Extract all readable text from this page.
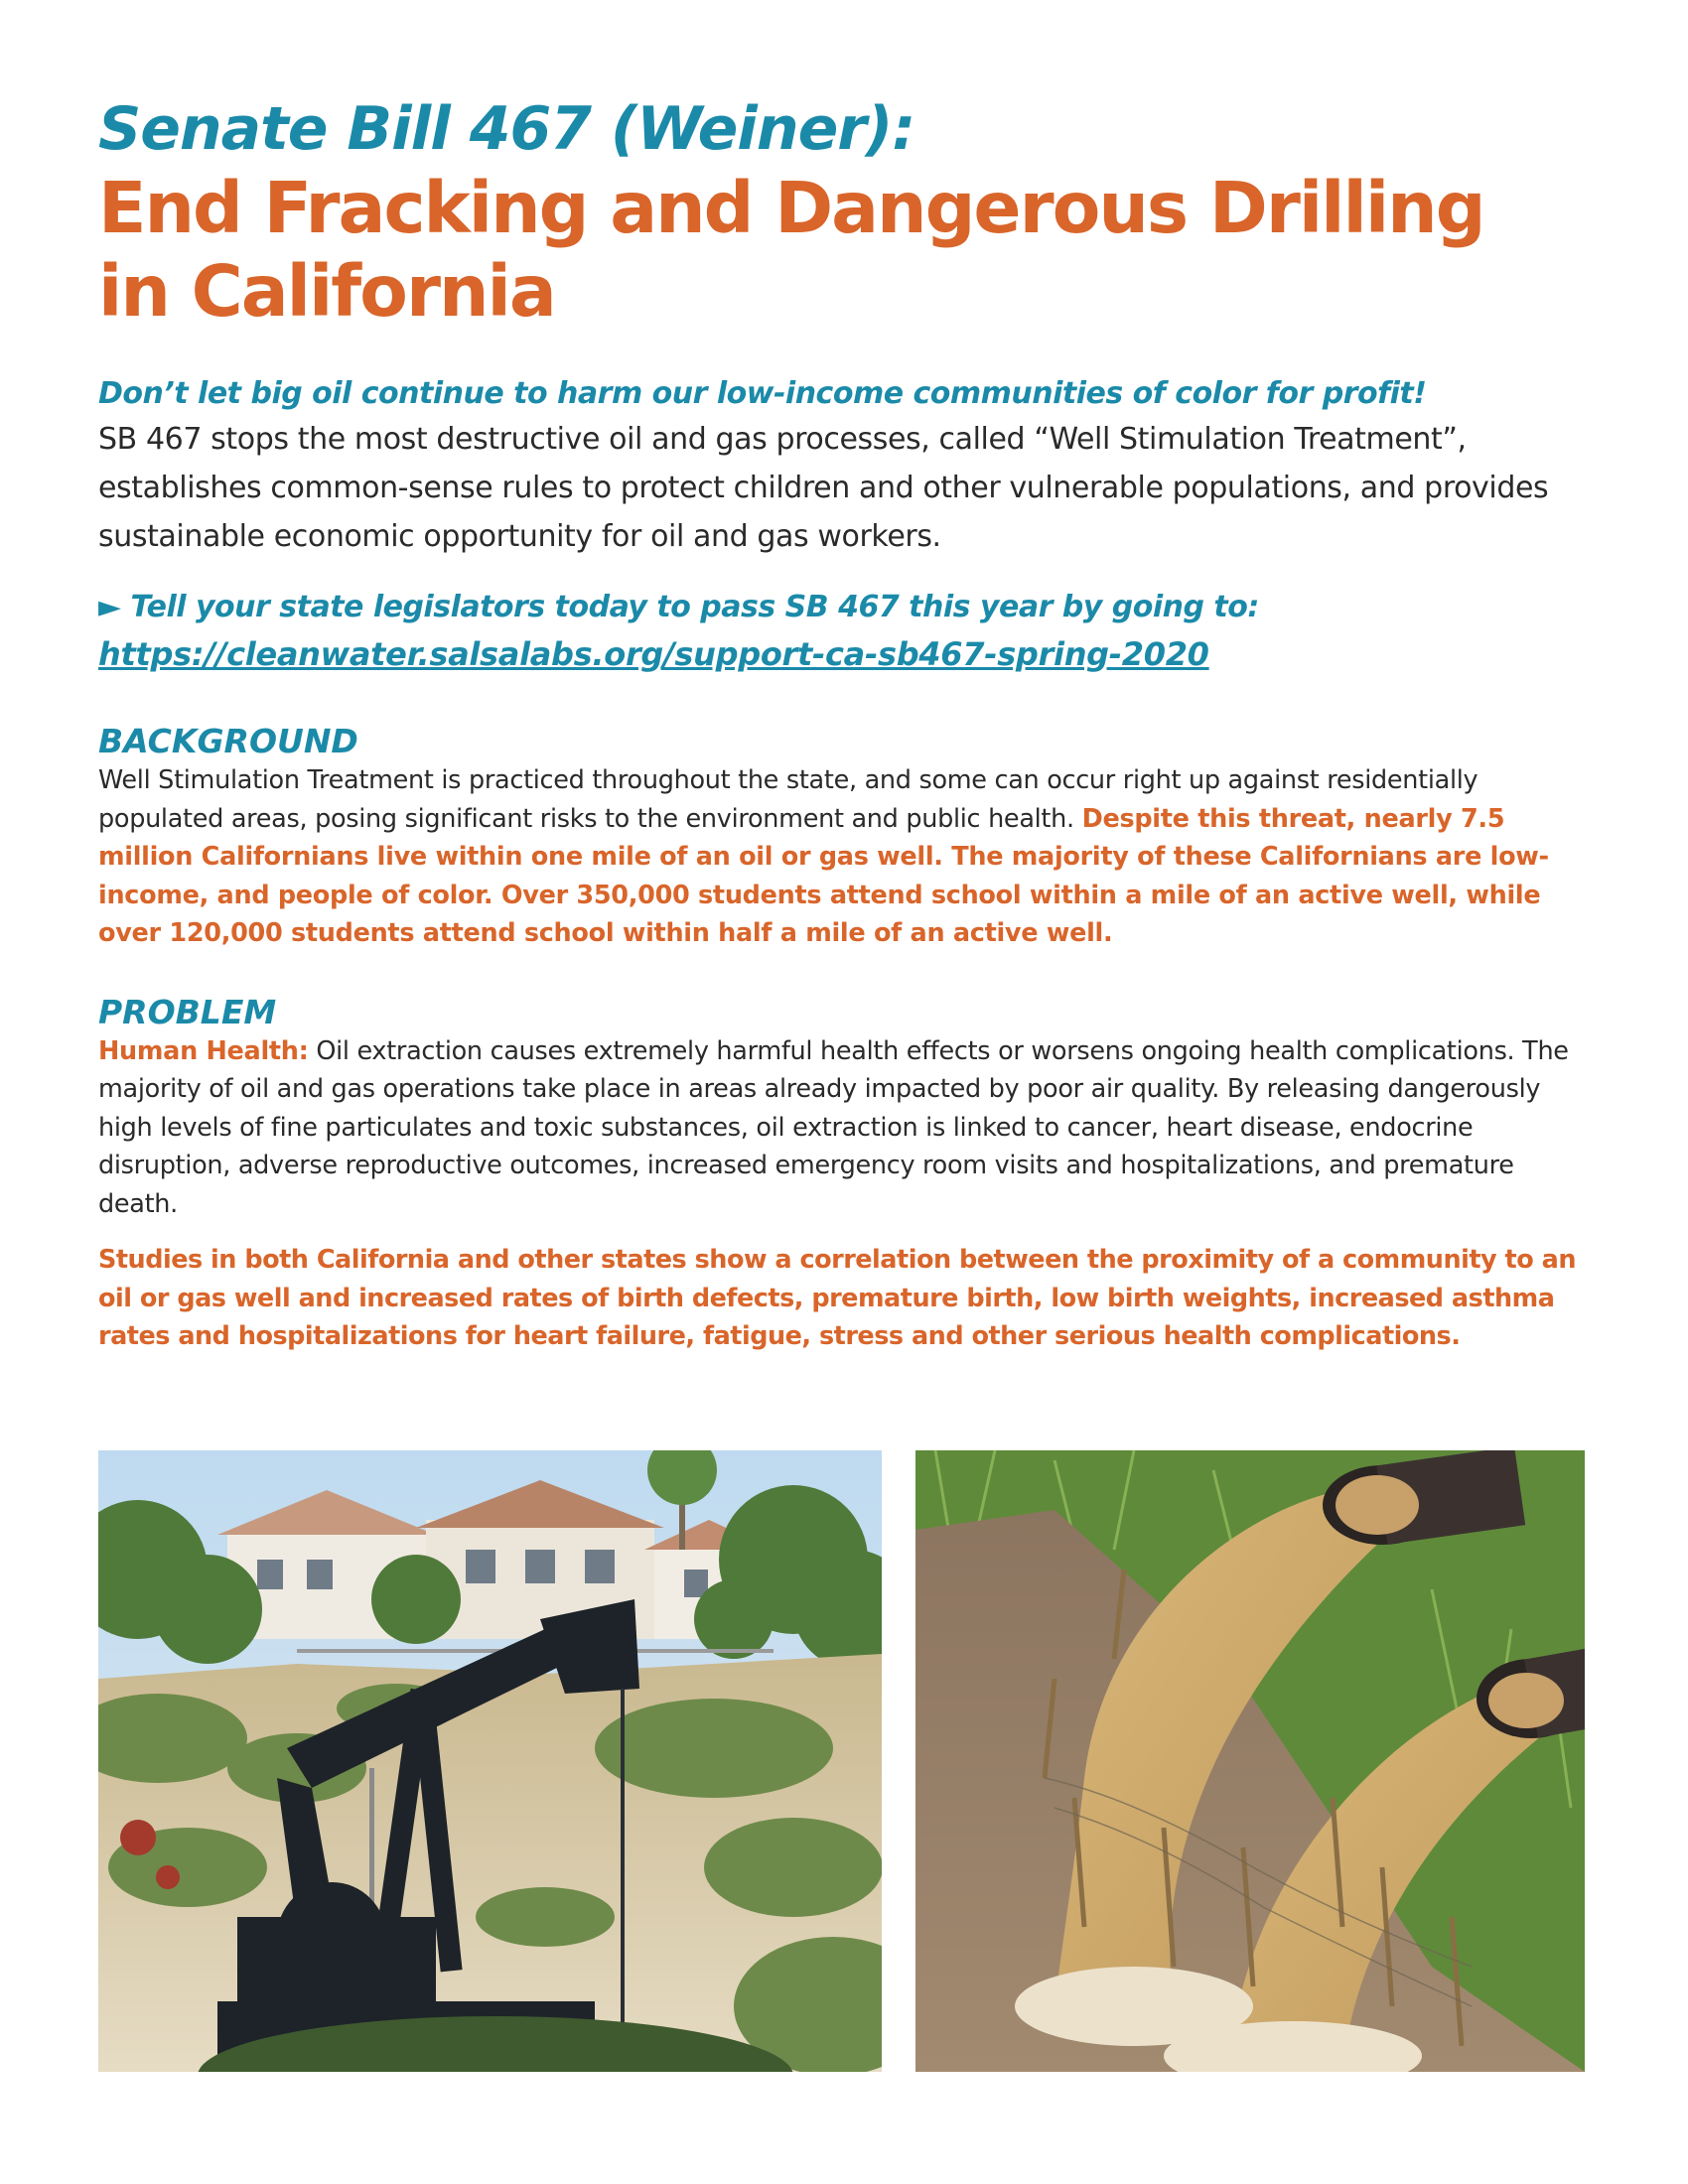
Senate Bill 467 (Weiner):
End Fracking and Dangerous Drilling
in California

Don’t let big oil continue to harm our low-income communities of color for profit!

SB 467 stops the most destructive oil and gas processes, called “Well Stimulation Treatment”, establishes common-sense rules to protect children and other vulnerable populations, and provides sustainable economic opportunity for oil and gas workers.

► Tell your state legislators today to pass SB 467 this year by going to:
https://cleanwater.salsalabs.org/support-ca-sb467-spring-2020

BACKGROUND

Well Stimulation Treatment is practiced throughout the state, and some can occur right up against residentially populated areas, posing significant risks to the environment and public health. Despite this threat, nearly 7.5 million Californians live within one mile of an oil or gas well. The majority of these Californians are low-income, and people of color. Over 350,000 students attend school within a mile of an active well, while over 120,000 students attend school within half a mile of an active well.

PROBLEM

Human Health: Oil extraction causes extremely harmful health effects or worsens ongoing health complications. The majority of oil and gas operations take place in areas already impacted by poor air quality. By releasing dangerously high levels of fine particulates and toxic substances, oil extraction is linked to cancer, heart disease, endocrine disruption, adverse reproductive outcomes, increased emergency room visits and hospitalizations, and premature death.

Studies in both California and other states show a correlation between the proximity of a community to an oil or gas well and increased rates of birth defects, premature birth, low birth weights, increased asthma rates and hospitalizations for heart failure, fatigue, stress and other serious health complications.
